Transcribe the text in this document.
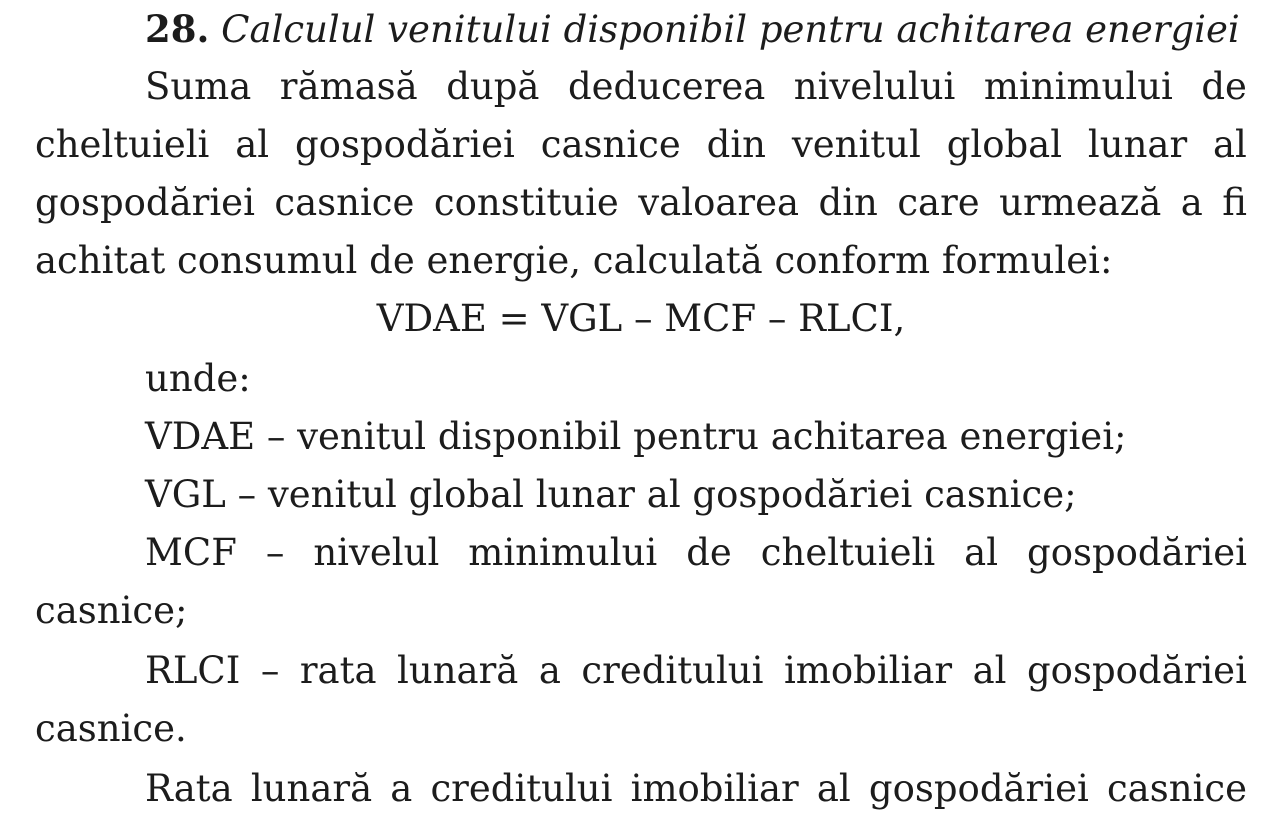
28. Calculul venitului disponibil pentru achitarea energiei
Suma rămasă după deducerea nivelului minimului de
cheltuieli al gospodăriei casnice din venitul global lunar al
gospodăriei casnice constituie valoarea din care urmează a fi
achitat consumul de energie, calculată conform formulei:
VDAE = VGL – MCF – RLCI,
unde:
VDAE – venitul disponibil pentru achitarea energiei;
VGL – venitul global lunar al gospodăriei casnice;
MCF – nivelul minimului de cheltuieli al gospodăriei
casnice;
RLCI – rata lunară a creditului imobiliar al gospodăriei
casnice.
Rata lunară a creditului imobiliar al gospodăriei casnice
